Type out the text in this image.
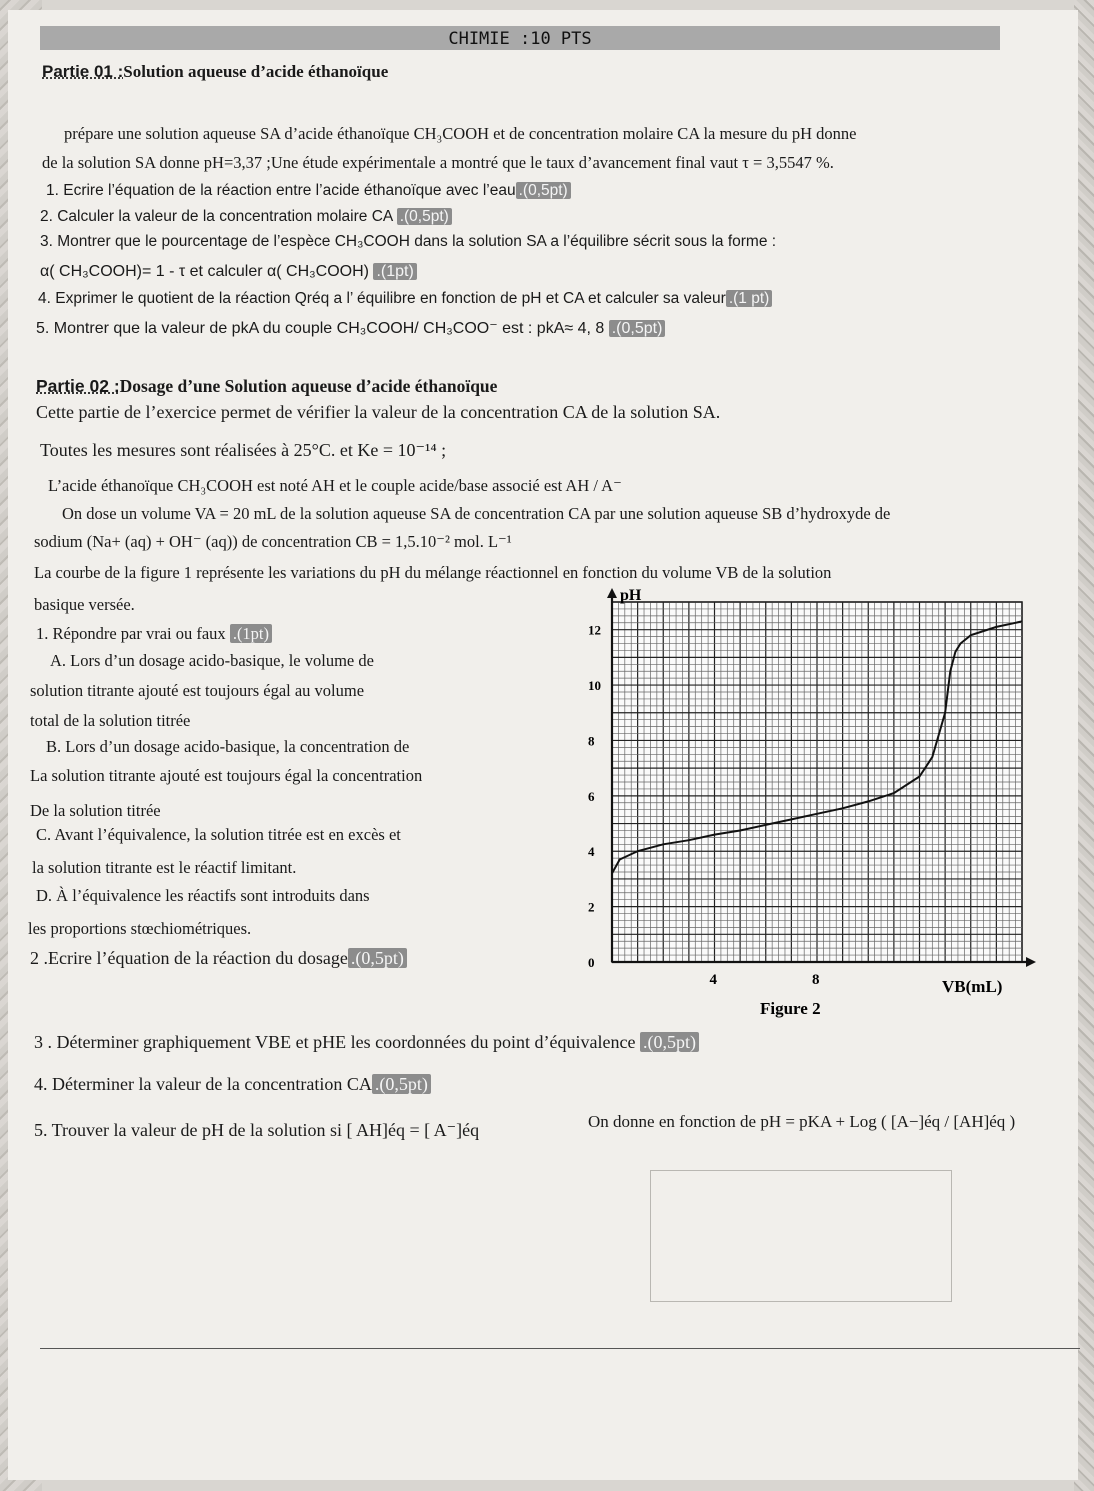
CHIMIE :10 PTS
Partie 01 :Solution aqueuse d’acide éthanoïque
prépare une solution aqueuse SA d’acide éthanoïque CH₃COOH et de concentration molaire CA la mesure du pH donne
de la solution SA donne pH=3,37 ;Une étude expérimentale a montré que le taux d’avancement final vaut τ = 3,5547 %.
1. Ecrire l’équation de la réaction entre l’acide éthanoïque avec l’eau .(0,5pt)
2. Calculer la valeur de la concentration molaire CA .(0,5pt)
3. Montrer que le pourcentage de l’espèce CH₃COOH dans la solution SA a l’équilibre sécrit sous la forme :
α( CH₃COOH)= 1 - τ et calculer α( CH₃COOH) .(1pt)
4. Exprimer le quotient de la réaction Qréq a l’ équilibre en fonction de pH et CA et calculer sa valeur .(1 pt)
5. Montrer que la valeur de pkA du couple CH₃COOH/ CH₃COO⁻ est : pkA≈ 4, 8 .(0,5pt)
Partie 02 :Dosage d’une Solution aqueuse d’acide éthanoïque
Cette partie de l’exercice permet de vérifier la valeur de la concentration CA de la solution SA.
Toutes les mesures sont réalisées à 25°C. et Ke = 10⁻¹⁴ ;
L’acide éthanoïque CH₃COOH est noté AH et le couple acide/base associé est AH / A⁻
On dose un volume VA = 20 mL de la solution aqueuse SA de concentration CA par une solution aqueuse SB d’hydroxyde de
sodium (Na+ (aq) + OH⁻ (aq)) de concentration CB = 1,5.10⁻² mol. L⁻¹
La courbe de la figure 1 représente les variations du pH du mélange réactionnel en fonction du volume VB de la solution
basique versée.
1. Répondre par vrai ou faux .(1pt)
A. Lors d’un dosage acido-basique, le volume de
solution titrante ajouté est toujours égal au volume
total de la solution titrée
B. Lors d’un dosage acido-basique, la concentration de
La solution titrante ajouté est toujours égal la concentration
De la solution titrée
C. Avant l’équivalence, la solution titrée est en excès et
la solution titrante est le réactif limitant.
D. À l’équivalence les réactifs sont introduits dans
les proportions stœchiométriques.
2 .Ecrire l’équation de la réaction du dosage .(0,5pt)
12
10
8
6
4
2
0
4	8
pH
VB(mL)
Figure 2
3 . Déterminer graphiquement VBE et pHE les coordonnées du point d’équivalence .(0,5pt)
4. Déterminer la valeur de la concentration CA .(0,5pt)
5. Trouver la valeur de pH de la solution si [ AH]éq = [ A⁻]éq	On donne en fonction de pH = pKA + Log ( [A−]éq / [AH]éq )
